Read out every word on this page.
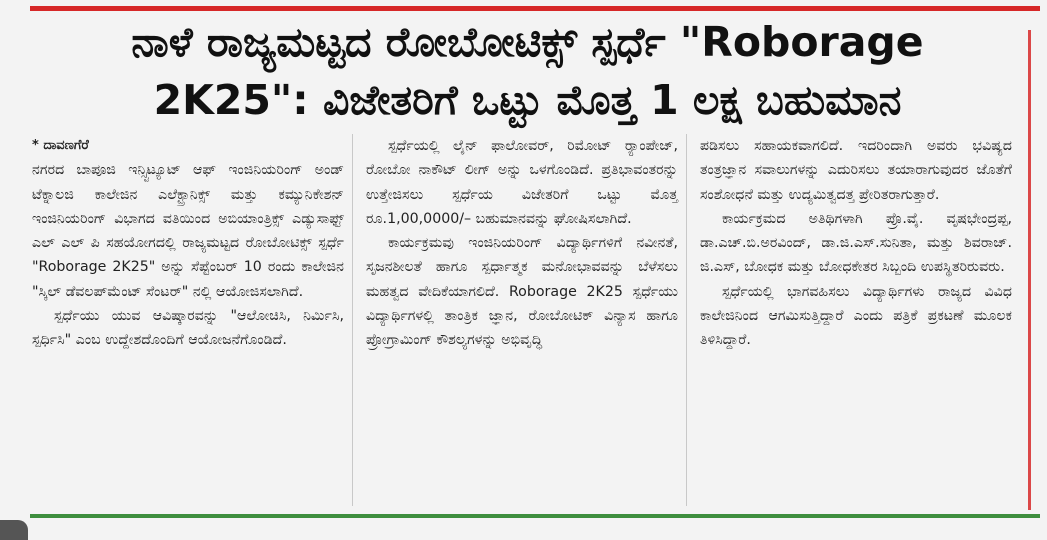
ನಾಳೆ ರಾಜ್ಯಮಟ್ಟದ ರೋಬೋಟಿಕ್ಸ್ ಸ್ಪರ್ಧೆ "Roborage
2K25": ವಿಜೇತರಿಗೆ ಒಟ್ಟು ಮೊತ್ತ 1 ಲಕ್ಷ ಬಹುಮಾನ

* ದಾವಣಗೆರೆ

ನಗರದ ಬಾಪೂಜಿ ಇನ್ಸ್ಟಿಟ್ಯೂಟ್ ಆಫ್ ಇಂಜಿನಿಯರಿಂಗ್ ಅಂಡ್ ಟೆಕ್ನಾಲಜಿ ಕಾಲೇಜಿನ ಎಲೆಕ್ಟ್ರಾನಿಕ್ಸ್ ಮತ್ತು ಕಮ್ಯುನಿಕೇಶನ್ ಇಂಜಿನಿಯರಿಂಗ್ ವಿಭಾಗದ ವತಿಯಿಂದ ಅಬಿಯಾಂತ್ರಿಕ್ಸ್ ಎಡ್ಯುಸಾಫ್ಟ್ ಎಲ್ ಎಲ್ ಪಿ ಸಹಯೋಗದಲ್ಲಿ ರಾಜ್ಯಮಟ್ಟದ ರೋಬೋಟಿಕ್ಸ್ ಸ್ಪರ್ಧೆ "Roborage 2K25" ಅನ್ನು ಸೆಪ್ಟೆಂಬರ್ 10 ರಂದು ಕಾಲೇಜಿನ "ಸ್ಕಿಲ್ ಡೆವಲಪ್‌ಮೆಂಟ್ ಸೆಂಟರ್" ನಲ್ಲಿ ಆಯೋಜಿಸಲಾಗಿದೆ.

ಸ್ಪರ್ಧೆಯು ಯುವ ಆವಿಷ್ಕಾರವನ್ನು "ಆಲೋಚಿಸಿ, ನಿರ್ಮಿಸಿ, ಸ್ಪರ್ಧಿಸಿ" ಎಂಬ ಉದ್ದೇಶದೊಂದಿಗೆ ಆಯೋಜನೆಗೊಂಡಿದೆ.

ಸ್ಪರ್ಧೆಯಲ್ಲಿ ಲೈನ್ ಫಾಲೋವರ್, ರಿಮೋಟ್ ರ್‍ಯಾಂಪೇಜ್, ರೋಬೋ ನಾಕೌಟ್ ಲೀಗ್ ಅನ್ನು ಒಳಗೊಂಡಿದೆ. ಪ್ರತಿಭಾವಂತರನ್ನು ಉತ್ತೇಜಿಸಲು ಸ್ಪರ್ಧೆಯ ವಿಜೇತರಿಗೆ ಒಟ್ಟು ಮೊತ್ತ ರೂ.1,00,0000/– ಬಹುಮಾನವನ್ನು ಘೋಷಿಸಲಾಗಿದೆ.

ಕಾರ್ಯಕ್ರಮವು ಇಂಜಿನಿಯರಿಂಗ್ ವಿದ್ಯಾರ್ಥಿಗಳಿಗೆ ನವೀನತೆ, ಸೃಜನಶೀಲತೆ ಹಾಗೂ ಸ್ಪರ್ಧಾತ್ಮಕ ಮನೋಭಾವವನ್ನು ಬೆಳೆಸಲು ಮಹತ್ವದ ವೇದಿಕೆಯಾಗಲಿದೆ. Roborage 2K25 ಸ್ಪರ್ಧೆಯು ವಿದ್ಯಾರ್ಥಿಗಳಲ್ಲಿ ತಾಂತ್ರಿಕ ಜ್ಞಾನ, ರೋಬೋಟಿಕ್ ವಿನ್ಯಾಸ ಹಾಗೂ ಪ್ರೋಗ್ರಾಮಿಂಗ್ ಕೌಶಲ್ಯಗಳನ್ನು ಅಭಿವೃದ್ಧಿ

ಪಡಿಸಲು ಸಹಾಯಕವಾಗಲಿದೆ. ಇದರಿಂದಾಗಿ ಅವರು ಭವಿಷ್ಯದ ತಂತ್ರಜ್ಞಾನ ಸವಾಲುಗಳನ್ನು ಎದುರಿಸಲು ತಯಾರಾಗುವುದರ ಜೊತೆಗೆ ಸಂಶೋಧನೆ ಮತ್ತು ಉದ್ಯಮಿತ್ವದತ್ತ ಪ್ರೇರಿತರಾಗುತ್ತಾರೆ.

ಕಾರ್ಯಕ್ರಮದ ಅತಿಥಿಗಳಾಗಿ ಪ್ರೊ.ವೈ. ವೃಷಭೇಂದ್ರಪ್ಪ, ಡಾ.ಎಚ್.ಬಿ.ಅರವಿಂದ್, ಡಾ.ಜಿ.ಎಸ್.ಸುನಿತಾ, ಮತ್ತು ಶಿವರಾಜ್. ಜಿ.ಎಸ್, ಬೋಧಕ ಮತ್ತು ಬೋಧಕೇತರ ಸಿಬ್ಬಂದಿ ಉಪಸ್ಥಿತರಿರುವರು.

ಸ್ಪರ್ಧೆಯಲ್ಲಿ ಭಾಗವಹಿಸಲು ವಿದ್ಯಾರ್ಥಿಗಳು ರಾಜ್ಯದ ವಿವಿಧ ಕಾಲೇಜಿನಿಂದ ಆಗಮಿಸುತ್ತಿದ್ದಾರೆ ಎಂದು ಪತ್ರಿಕೆ ಪ್ರಕಟಣೆ ಮೂಲಕ ತಿಳಿಸಿದ್ದಾರೆ.
